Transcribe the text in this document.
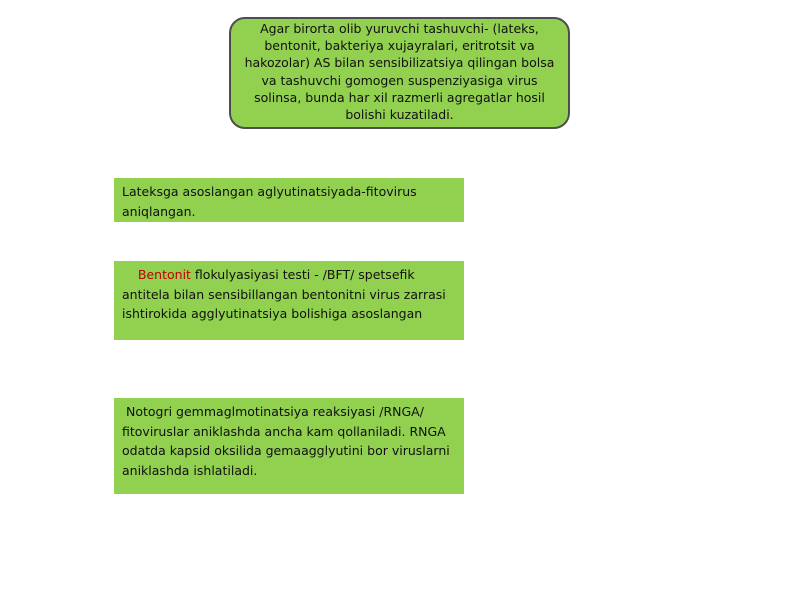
Agar birorta olib yuruvchi tashuvchi- (lateks, bentonit, bakteriya xujayralari, eritrotsit va hakozolar) AS bilan sensibilizatsiya qilingan bolsa va tashuvchi gomogen suspenziyasiga virus solinsa, bunda har xil razmerli agregatlar hosil bolishi kuzatiladi.
Lateksga asoslangan aglyutinatsiyada-fitovirus aniqlangan.
Bentonit flokulyasiyasi testi - /BFT/ spetsefik antitela bilan sensibillangan bentonitni virus zarrasi ishtirokida agglyutinatsiya bolishiga asoslangan
Notogri gemmaglmotinatsiya reaksiyasi /RNGA/ fitoviruslar aniklashda ancha kam qollaniladi. RNGA odatda kapsid oksilida gemaagglyutini bor viruslarni aniklashda ishlatiladi.
